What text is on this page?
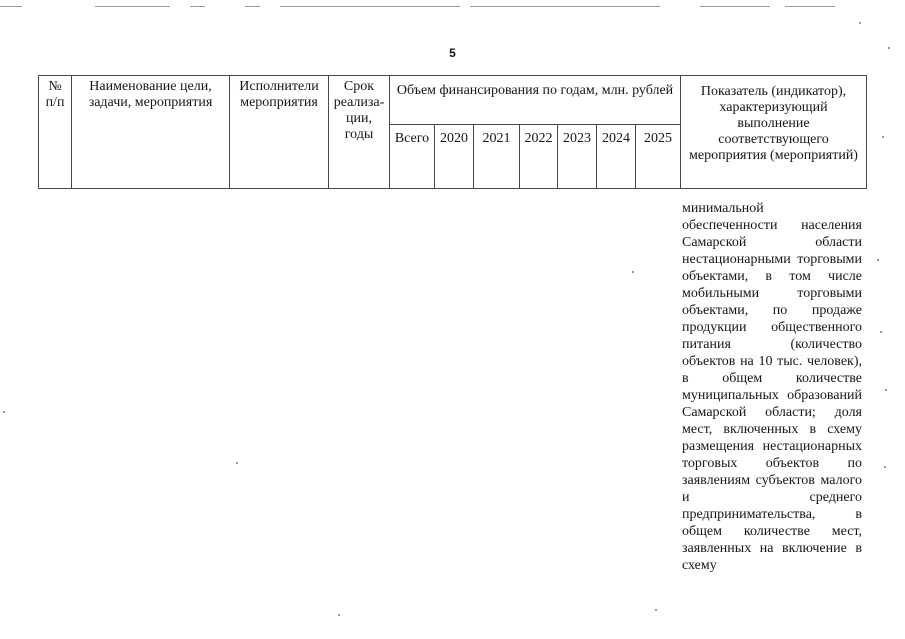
5
№ п/п	Наименование цели, задачи, мероприятия	Исполнители мероприятия	Срок реализа-ции, годы	Объем финансирования по годам, млн. рублей							Показатель (индикатор), характеризующий выполнение соответствующего мероприятия (мероприятий)
				Всего	2020	2021	2022	2023	2024	2025	
минимальной обеспеченности населения Самарской области нестационарными торговыми объектами, в том числе мобильными торговыми объектами, по продаже продукции общественного питания (количество объектов на 10 тыс. человек), в общем количестве муниципальных образований Самарской области; доля мест, включенных в схему размещения нестационарных торговых объектов по заявлениям субъектов малого и среднего предпринимательства, в общем количестве мест, заявленных на включение в схему
